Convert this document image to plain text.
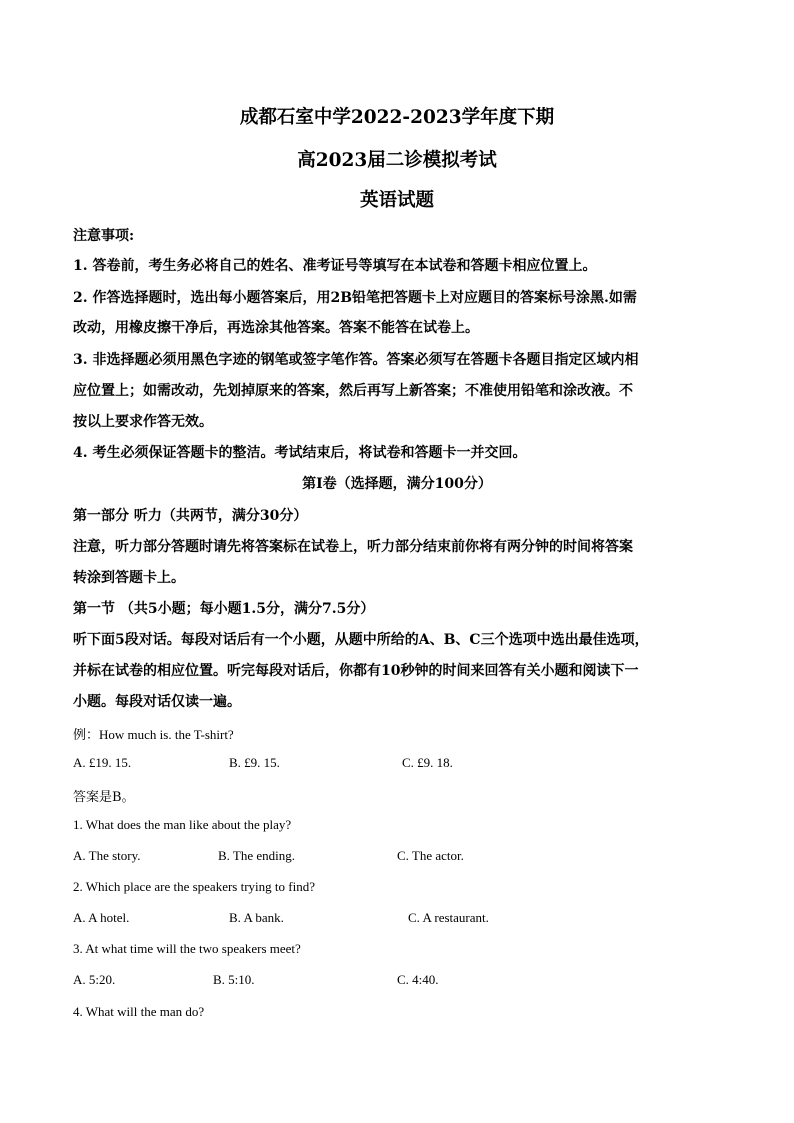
成都石室中学2022-2023学年度下期
高2023届二诊模拟考试
英语试题
注意事项:
1. 答卷前，考生务必将自己的姓名、准考证号等填写在本试卷和答题卡相应位置上。
2. 作答选择题时，选出每小题答案后，用2B铅笔把答题卡上对应题目的答案标号涂黑.如需
改动，用橡皮擦干净后，再选涂其他答案。答案不能答在试卷上。
3. 非选择题必须用黑色字迹的钢笔或签字笔作答。答案必须写在答题卡各题目指定区域内相
应位置上；如需改动，先划掉原来的答案，然后再写上新答案；不准使用铅笔和涂改液。不
按以上要求作答无效。
4. 考生必须保证答题卡的整洁。考试结束后，将试卷和答题卡一并交回。
第I卷（选择题，满分100分）
第一部分 听力（共两节，满分30分）
注意，听力部分答题时请先将答案标在试卷上，听力部分结束前你将有两分钟的时间将答案
转涂到答题卡上。
第一节 （共5小题；每小题1.5分，满分7.5分）
听下面5段对话。每段对话后有一个小题，从题中所给的A、B、C三个选项中选出最佳选项，
并标在试卷的相应位置。听完每段对话后，你都有10秒钟的时间来回答有关小题和阅读下一
小题。每段对话仅读一遍。
例：How much is. the T-shirt?
A. £19. 15.	B. £9. 15.	C. £9. 18.
答案是B。
1. What does the man like about the play?
A. The story.	B. The ending.	C. The actor.
2. Which place are the speakers trying to find?
A. A hotel.	B. A bank.	C. A restaurant.
3. At what time will the two speakers meet?
A. 5:20.	B. 5:10.	C. 4:40.
4. What will the man do?
